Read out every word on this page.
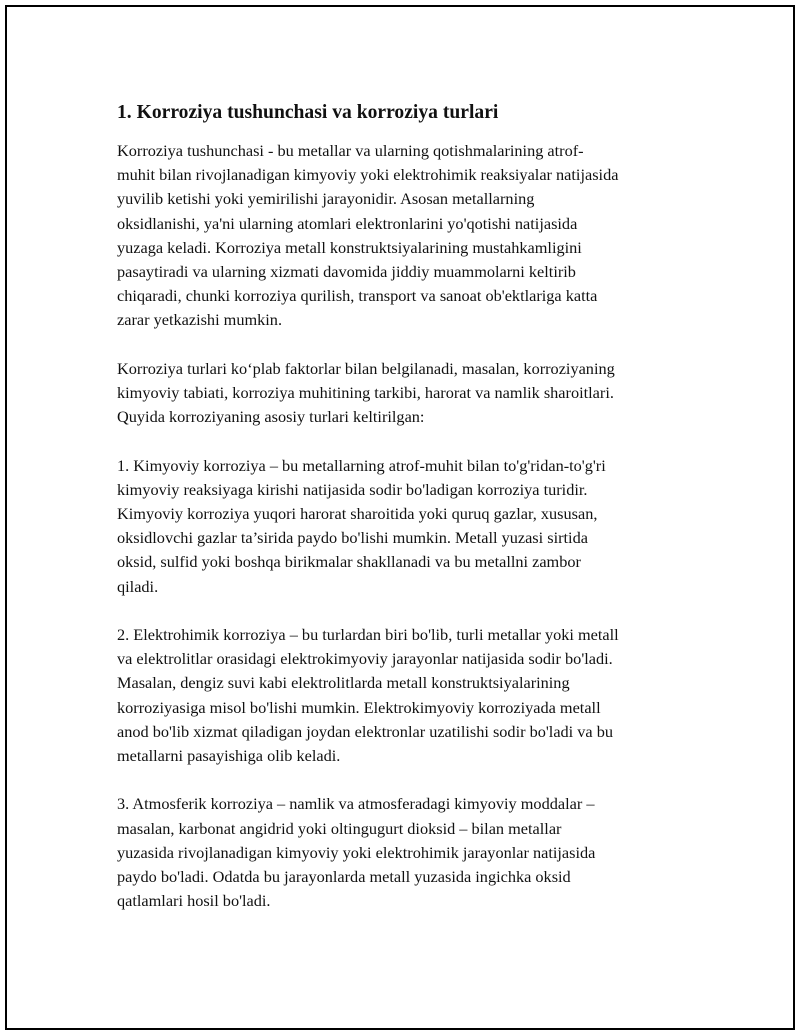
1. Korroziya tushunchasi va korroziya turlari

Korroziya tushunchasi - bu metallar va ularning qotishmalarining atrof-
muhit bilan rivojlanadigan kimyoviy yoki elektrohimik reaksiyalar natijasida
yuvilib ketishi yoki yemirilishi jarayonidir. Asosan metallarning
oksidlanishi, ya'ni ularning atomlari elektronlarini yo'qotishi natijasida
yuzaga keladi. Korroziya metall konstruktsiyalarining mustahkamligini
pasaytiradi va ularning xizmati davomida jiddiy muammolarni keltirib
chiqaradi, chunki korroziya qurilish, transport va sanoat ob'ektlariga katta
zarar yetkazishi mumkin.

Korroziya turlari ko‘plab faktorlar bilan belgilanadi, masalan, korroziyaning
kimyoviy tabiati, korroziya muhitining tarkibi, harorat va namlik sharoitlari.
Quyida korroziyaning asosiy turlari keltirilgan:

1. Kimyoviy korroziya – bu metallarning atrof-muhit bilan to'g'ridan-to'g'ri
kimyoviy reaksiyaga kirishi natijasida sodir bo'ladigan korroziya turidir.
Kimyoviy korroziya yuqori harorat sharoitida yoki quruq gazlar, xususan,
oksidlovchi gazlar ta’sirida paydo bo'lishi mumkin. Metall yuzasi sirtida
oksid, sulfid yoki boshqa birikmalar shakllanadi va bu metallni zambor
qiladi.

2. Elektrohimik korroziya – bu turlardan biri bo'lib, turli metallar yoki metall
va elektrolitlar orasidagi elektrokimyoviy jarayonlar natijasida sodir bo'ladi.
Masalan, dengiz suvi kabi elektrolitlarda metall konstruktsiyalarining
korroziyasiga misol bo'lishi mumkin. Elektrokimyoviy korroziyada metall
anod bo'lib xizmat qiladigan joydan elektronlar uzatilishi sodir bo'ladi va bu
metallarni pasayishiga olib keladi.

3. Atmosferik korroziya – namlik va atmosferadagi kimyoviy moddalar –
masalan, karbonat angidrid yoki oltingugurt dioksid – bilan metallar
yuzasida rivojlanadigan kimyoviy yoki elektrohimik jarayonlar natijasida
paydo bo'ladi. Odatda bu jarayonlarda metall yuzasida ingichka oksid
qatlamlari hosil bo'ladi.
